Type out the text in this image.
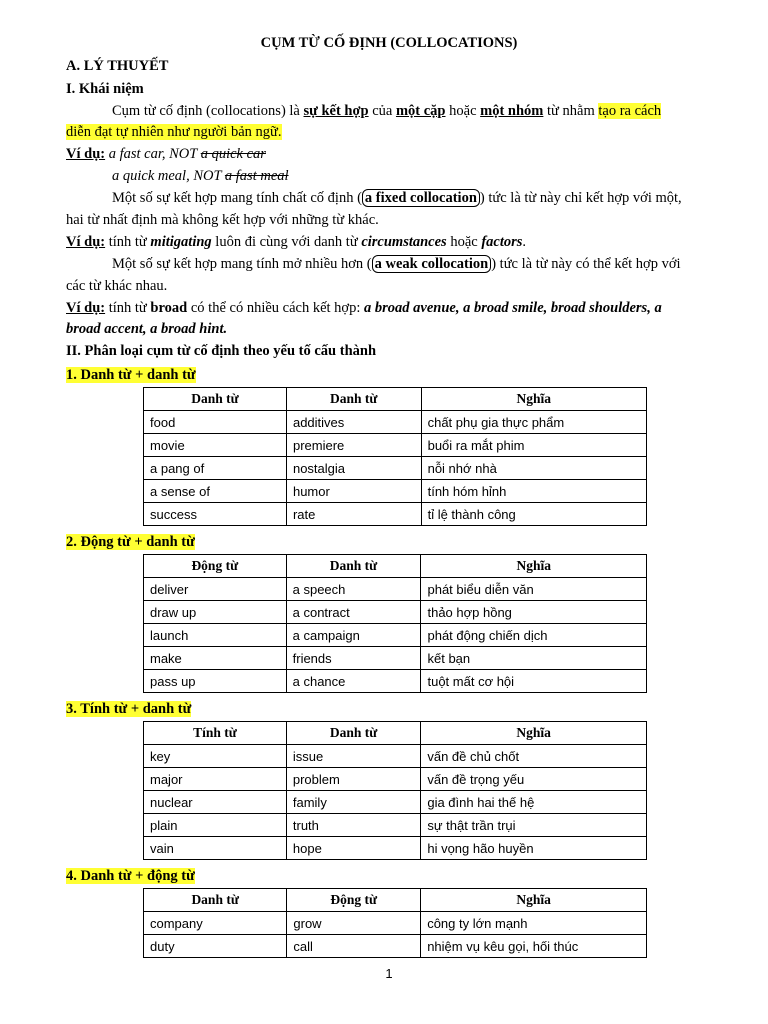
CỤM TỪ CỐ ĐỊNH (COLLOCATIONS)
A. LÝ THUYẾT
I. Khái niệm
Cụm từ cố định (collocations) là sự kết hợp của một cặp hoặc một nhóm từ nhằm tạo ra cách
diễn đạt tự nhiên như người bản ngữ.
Ví dụ: a fast car, NOT a quick car
a quick meal, NOT a fast meal
Một số sự kết hợp mang tính chất cố định ( a fixed collocation ) tức là từ này chỉ kết hợp với một,
hai từ nhất định mà không kết hợp với những từ khác.
Ví dụ: tính từ mitigating luôn đi cùng với danh từ circumstances hoặc factors.
Một số sự kết hợp mang tính mở nhiều hơn ( a weak collocation ) tức là từ này có thể kết hợp với
các từ khác nhau.
Ví dụ: tính từ broad có thể có nhiều cách kết hợp: a broad avenue, a broad smile, broad shoulders, a
broad accent, a broad hint.
II. Phân loại cụm từ cố định theo yếu tố cấu thành
1. Danh từ + danh từ
Danh từ	Danh từ	Nghĩa
food	additives	chất phụ gia thực phẩm
movie	premiere	buổi ra mắt phim
a pang of	nostalgia	nỗi nhớ nhà
a sense of	humor	tính hóm hỉnh
success	rate	tỉ lệ thành công
2. Động từ + danh từ
Động từ	Danh từ	Nghĩa
deliver	a speech	phát biểu diễn văn
draw up	a contract	thảo hợp hồng
launch	a campaign	phát động chiến dịch
make	friends	kết bạn
pass up	a chance	tuột mất cơ hội
3. Tính từ + danh từ
Tính từ	Danh từ	Nghĩa
key	issue	vấn đề chủ chốt
major	problem	vấn đề trọng yếu
nuclear	family	gia đình hai thế hệ
plain	truth	sự thật trần trụi
vain	hope	hi vọng hão huyền
4. Danh từ + động từ
Danh từ	Động từ	Nghĩa
company	grow	công ty lớn mạnh
duty	call	nhiệm vụ kêu gọi, hối thúc
1
